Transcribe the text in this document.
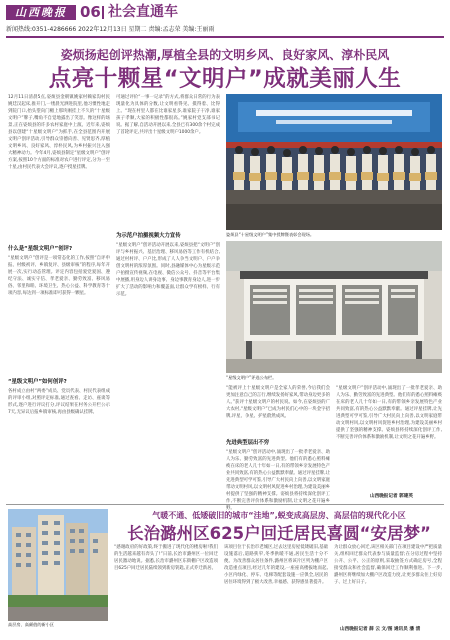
山西晚报 06 社会直通车
新闻热线:0351-4286666 2022年12月13日 星期二 责编:孟志荣 美编:王丽雨
姿烦扬起创评热潮,厚植全县的文明乡风、良好家风、淳朴民风
点亮十颗星“文明户”成就美丽人生
12月11日清晨5点,姿烦县金朝镇姚家村赖家沟村民姚廷汉起床,推开门,一缕晨光洒进院里,他习惯性地走到院门口,抬头望向门楣上那块刚挂上不久的“十星级文明户”牌子,嘴角不自觉地露出了笑容。像这样的场景,正在姿烦县的许多农村家庭中上演。近年来,姿烦县以创建“十星级文明户”为抓手,在全县范围内开展文明户创评活动,引导群众崇德向善、见贤思齐,厚植文明乡风、良好家风、淳朴民风,为乡村振兴注入强大精神动力。今年4月,姿烦县制定“星级文明户”创评方案,按照10个方面的标准对农户进行评定,分为一至十星,由村民代表大会评议,逐户授星挂牌。
什么是“星级文明户”创评?
“星级文明户”创评是一项常态化的工作,按照“自评申报、村级初评、乡镇复评、县级审核”的程序,每年开展一次,实行动态管理。评定内容包括爱党爱国、遵纪守法、诚实守信、孝老爱亲、勤劳致富、移风易俗、邻里和睦、环境卫生、热心公益、科学教育等十项内容,每达到一项标准即可获得一颗星。
“星级文明户”如何创评?
各村成立由村“两委”成员、党员代表、村民代表组成的评审小组,对照评定标准,通过查看、走访、座谈等形式,逐户进行评议打分,评议结果在村务公开栏公示7天,无异议后报乡镇审核,再由县级确认挂牌。
可通过评价“一事一记录”的方式,将群众日常的行为表现量化为具体的分数,让文明看得见、摸得着、比得上。“现在村里人都在比谁家星多,谁家院子干净,谁家孩子孝顺,大家的积极性都很高。”姚家村党支部书记说。据了解,自活动开展以来,全县已有300余个村完成了首轮评定,共评出十星级文明户1000余户。
为示范户拍摄视频大力宣传
“星级文明户”创评活动开展以来,姿烦县把“文明户”创评与乡村振兴、基层治理、移风易俗等工作有机结合,通过村村评、户户比,形成了人人争当文明户、户户争创文明村的浓厚氛围。同时,县融媒体中心为星级示范户拍摄宣传视频,在电视、微信公众号、抖音等平台集中展播,用身边人讲身边事、身边事教育身边人,进一步扩大了活动的影响力和覆盖面,让群众学有榜样、行有示范。
姿烦县“十星级文明户”集中授牌暨表彰会现场。
“星级文明户”评选公布栏。
“能被评上十星级文明户是全家人的荣誉,今后我们会更加注意自己的言行,继续发扬好家风,带动身边更多的人。”获评十星级文明户的村民说。如今,在姿烦县的广大农村,“星级文明户”已成为村民们心中的一块金字招牌,评星、争星、护星蔚然成风。
先进典型层出不穷
“星级文明户”创评活动中,涌现出了一批孝老爱亲、助人为乐、勤劳致富的先进典型。他们有的悉心照料瘫痪在床的老人几十年如一日,有的带领乡亲发展特色产业共同致富,有的热心公益默默奉献。通过评星挂牌,让先进典型可学可鉴,引导广大村民向上向善,以文明家庭带动文明村风,以文明村风促进乡村治理,为建设美丽乡村提供了坚强的精神支撑。姿烦县将持续深化创评工作,不断完善评价体系和激励机制,让文明之花开遍乡野。
“星级文明户”创评活动中,涌现出了一批孝老爱亲、助人为乐、勤劳致富的先进典型。他们有的悉心照料瘫痪在床的老人几十年如一日,有的带领乡亲发展特色产业共同致富,有的热心公益默默奉献。通过评星挂牌,让先进典型可学可鉴,引导广大村民向上向善,以文明家庭带动文明村风,以文明村风促进乡村治理,为建设美丽乡村提供了坚强的精神支撑。姿烦县将持续深化创评工作,不断完善评价体系和激励机制,让文明之花开遍乡野。
山西晚报记者 郭建英
高层房、高颜值的新小区
气暖不通、低矮破旧的城市“洼地”,蜕变成高层房、高层信的现代化小区
长治潞州区625户回迁居民喜圆“安居梦”
“感谢政府的好政策,终于搬进了现代化的楼房啦!我们的生活越来越有奔头了!”日前,长治市潞州区一位回迁居民激动地说。据悉,长治市潞州区东街棚户区改造项目625户回迁居民陆续领到新房钥匙,正式乔迁新居。
该项目位于长治市老城区,过去这里房屋低矮破旧,基础设施落后,道路狭窄,冬季供暖不通,居民生活十分不便。为改善群众居住条件,潞州区将该片区列为棚户区改造重点项目,经过几年的建设,一座座高楼拔地而起,小区内绿化、停车、电梯等配套设施一应俱全,居民的居住环境得到了极大改善,幸福感、获得感显著提升。
为让群众放心回迁,该区相关部门在项目建设中严把质量关,组织回迁群众代表参与质量监督;在分房过程中坚持公开、公平、公正的原则,采取抽签方式确定房号,全程接受群众和社会监督,确保回迁工作顺利推进。下一步,潞州区将继续加大棚户区改造力度,让更多群众住上好房子、过上好日子。
山西晚报记者 薛 云 文/图 通讯员 潘 清
